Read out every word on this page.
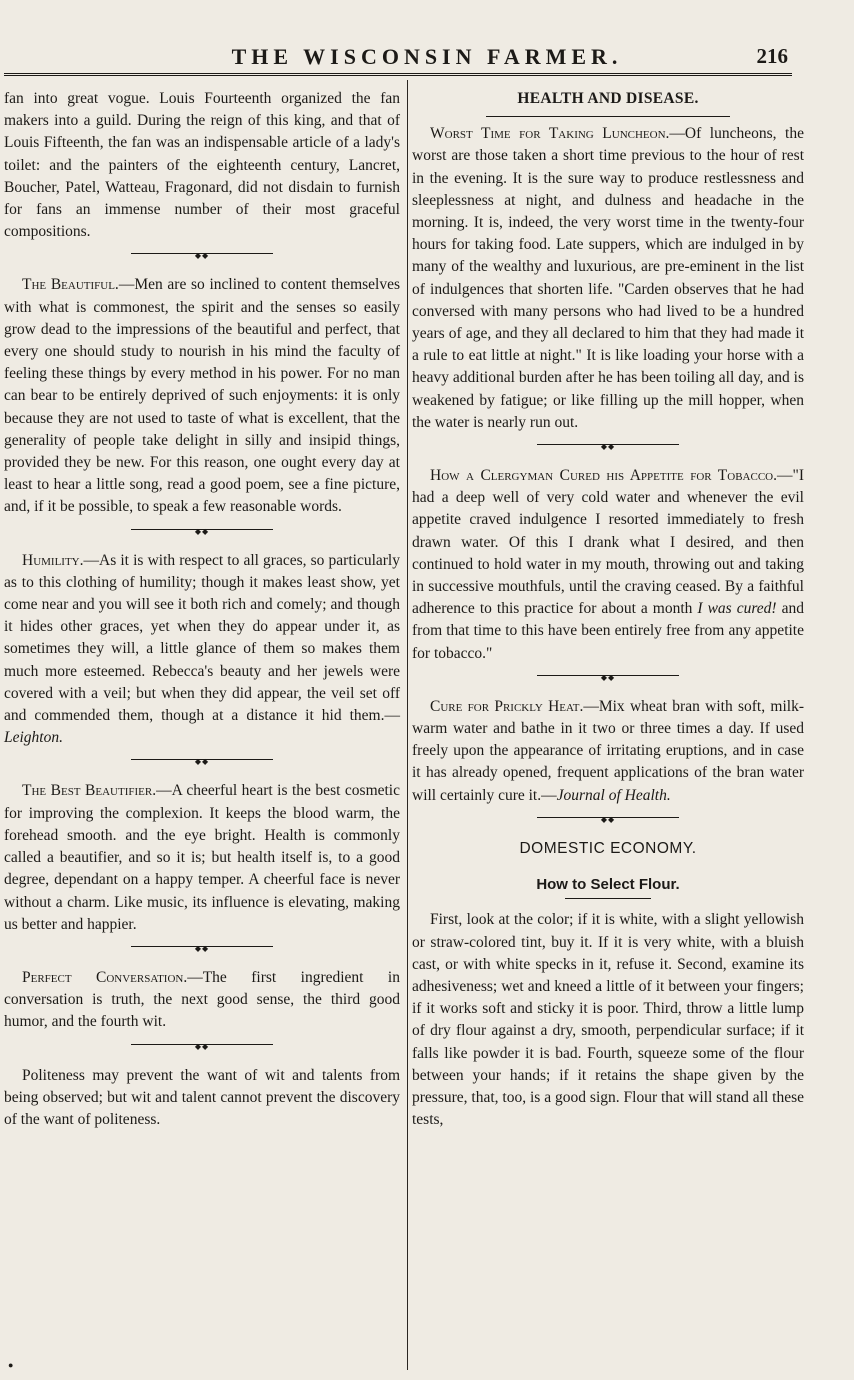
THE WISCONSIN FARMER.	216

fan into great vogue. Louis Fourteenth organized the fan makers into a guild. During the reign of this king, and that of Louis Fifteenth, the fan was an indispensable article of a lady's toilet: and the painters of the eighteenth century, Lancret, Boucher, Patel, Watteau, Fragonard, did not disdain to furnish for fans an immense number of their most graceful compositions.

◆◆

The Beautiful.—Men are so inclined to content themselves with what is commonest, the spirit and the senses so easily grow dead to the impressions of the beautiful and perfect, that every one should study to nourish in his mind the faculty of feeling these things by every method in his power. For no man can bear to be entirely deprived of such enjoyments: it is only because they are not used to taste of what is excellent, that the generality of people take delight in silly and insipid things, provided they be new. For this reason, one ought every day at least to hear a little song, read a good poem, see a fine picture, and, if it be possible, to speak a few reasonable words.

◆◆

Humility.—As it is with respect to all graces, so particularly as to this clothing of humility; though it makes least show, yet come near and you will see it both rich and comely; and though it hides other graces, yet when they do appear under it, as sometimes they will, a little glance of them so makes them much more esteemed. Rebecca's beauty and her jewels were covered with a veil; but when they did appear, the veil set off and commended them, though at a distance it hid them.—Leighton.

◆◆

The Best Beautifier.—A cheerful heart is the best cosmetic for improving the complexion. It keeps the blood warm, the forehead smooth. and the eye bright. Health is commonly called a beautifier, and so it is; but health itself is, to a good degree, dependant on a happy temper. A cheerful face is never without a charm. Like music, its influence is elevating, making us better and happier.

◆◆

Perfect Conversation.—The first ingredient in conversation is truth, the next good sense, the third good humor, and the fourth wit.

◆◆

Politeness may prevent the want of wit and talents from being observed; but wit and talent cannot prevent the discovery of the want of politeness.

HEALTH AND DISEASE.

Worst Time for Taking Luncheon.—Of luncheons, the worst are those taken a short time previous to the hour of rest in the evening. It is the sure way to produce restlessness and sleeplessness at night, and dulness and headache in the morning. It is, indeed, the very worst time in the twenty-four hours for taking food. Late suppers, which are indulged in by many of the wealthy and luxurious, are pre-eminent in the list of indulgences that shorten life. "Carden observes that he had conversed with many persons who had lived to be a hundred years of age, and they all declared to him that they had made it a rule to eat little at night." It is like loading your horse with a heavy additional burden after he has been toiling all day, and is weakened by fatigue; or like filling up the mill hopper, when the water is nearly run out.

◆◆

How a Clergyman Cured his Appetite for Tobacco.—"I had a deep well of very cold water and whenever the evil appetite craved indulgence I resorted immediately to fresh drawn water. Of this I drank what I desired, and then continued to hold water in my mouth, throwing out and taking in successive mouthfuls, until the craving ceased. By a faithful adherence to this practice for about a month I was cured! and from that time to this have been entirely free from any appetite for tobacco."

◆◆

Cure for Prickly Heat.—Mix wheat bran with soft, milk-warm water and bathe in it two or three times a day. If used freely upon the appearance of irritating eruptions, and in case it has already opened, frequent applications of the bran water will certainly cure it.—Journal of Health.

◆◆
DOMESTIC ECONOMY.
How to Select Flour.

First, look at the color; if it is white, with a slight yellowish or straw-colored tint, buy it. If it is very white, with a bluish cast, or with white specks in it, refuse it. Second, examine its adhesiveness; wet and kneed a little of it between your fingers; if it works soft and sticky it is poor. Third, throw a little lump of dry flour against a dry, smooth, perpendicular surface; if it falls like powder it is bad. Fourth, squeeze some of the flour between your hands; if it retains the shape given by the pressure, that, too, is a good sign. Flour that will stand all these tests,

●
